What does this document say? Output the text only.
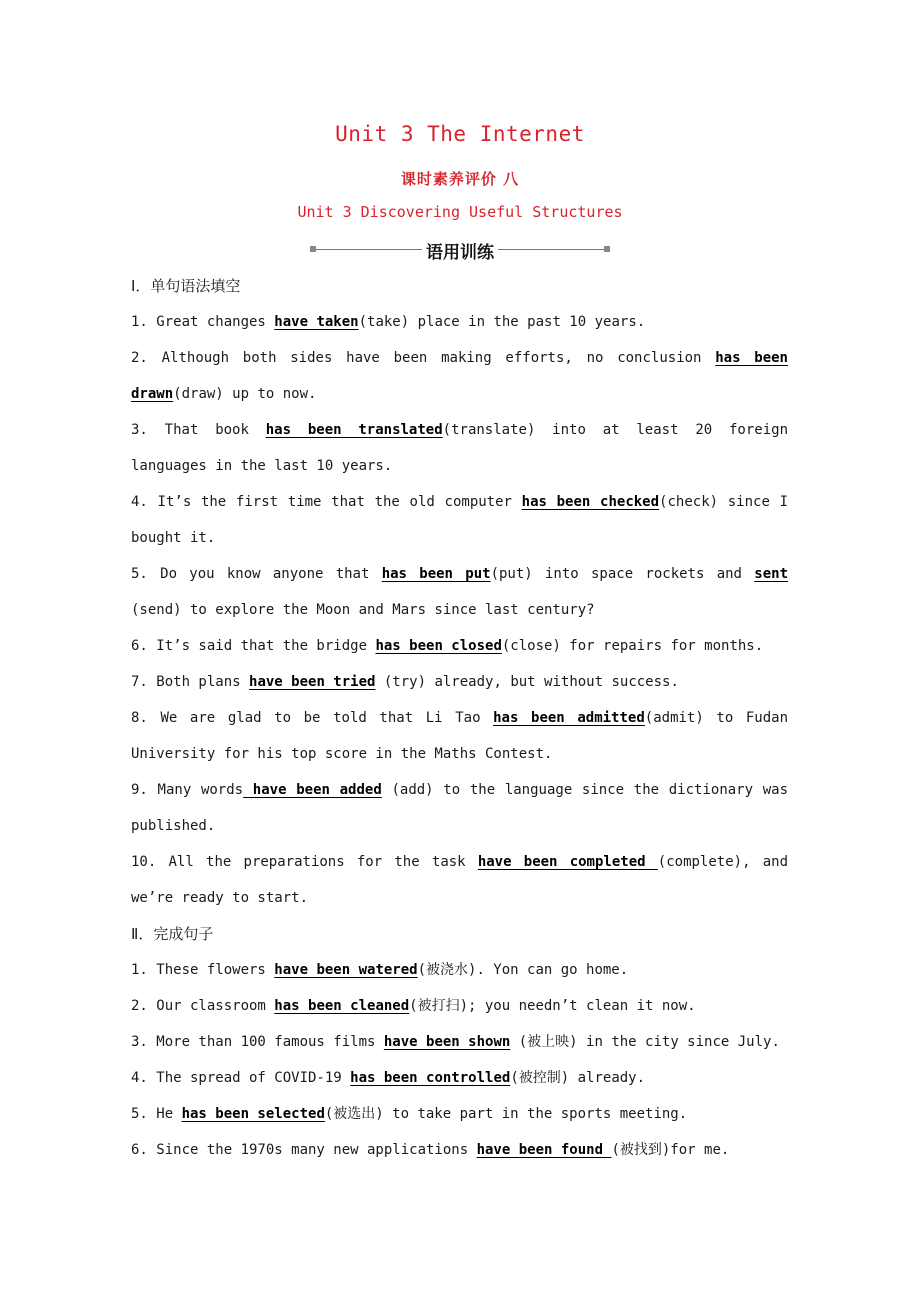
Unit 3 The Internet
课时素养评价 八
Unit 3 Discovering Useful Structures
语用训练

Ⅰ．单句语法填空

1. Great changes have taken(take) place in the past 10 years.

2. Although both sides have been making efforts, no conclusion has been drawn(draw) up to now.

3. That book has been translated(translate) into at least 20 foreign languages in the last 10 years.

4. It’s the first time that the old computer has been checked(check) since I bought it.

5. Do you know anyone that has been put(put) into space rockets and sent (send) to explore the Moon and Mars since last century?

6. It’s said that the bridge has been closed(close) for repairs for months.

7. Both plans have been tried (try) already, but without success.

8. We are glad to be told that Li Tao has been admitted(admit) to Fudan University for his top score in the Maths Contest.

9. Many words have been added (add) to the language since the dictionary was published.

10. All the preparations for the task have been completed (complete), and we’re ready to start.

Ⅱ．完成句子

1. These flowers have been watered(被浇水). Yon can go home.

2. Our classroom has been cleaned(被打扫); you needn’t clean it now.

3. More than 100 famous films have been shown (被上映) in the city since July.

4. The spread of COVID-19 has been controlled(被控制) already.

5. He has been selected(被选出) to take part in the sports meeting.

6. Since the 1970s many new applications have been found (被找到)for me.
